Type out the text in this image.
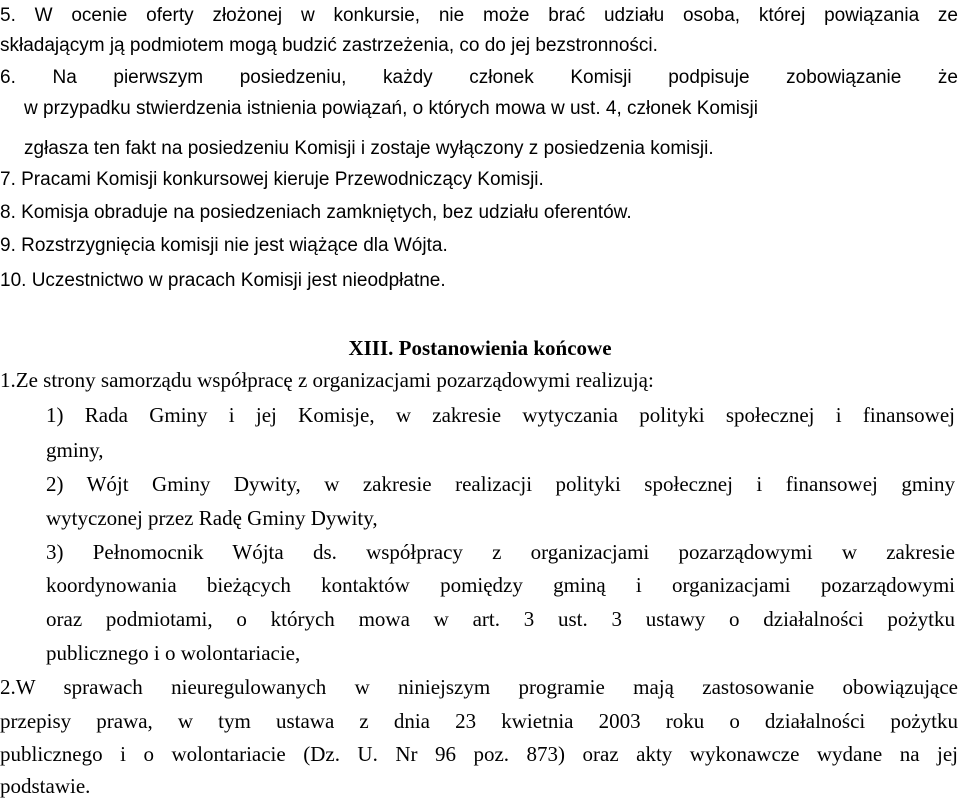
5. W ocenie oferty złożonej w konkursie, nie może brać udziału osoba, której powiązania ze
składającym ją podmiotem mogą budzić zastrzeżenia, co do jej bezstronności.
6. Na pierwszym posiedzeniu, każdy członek Komisji podpisuje zobowiązanie że
w przypadku stwierdzenia istnienia powiązań, o których mowa w ust. 4, członek Komisji
zgłasza ten fakt na posiedzeniu Komisji i zostaje wyłączony z posiedzenia komisji.
7. Pracami Komisji konkursowej kieruje Przewodniczący Komisji.
8. Komisja obraduje na posiedzeniach zamkniętych, bez udziału oferentów.
9. Rozstrzygnięcia komisji nie jest wiążące dla Wójta.
10. Uczestnictwo w pracach Komisji jest nieodpłatne.
XIII. Postanowienia końcowe
1.Ze strony samorządu współpracę z organizacjami pozarządowymi realizują:
1) Rada Gminy i jej Komisje, w zakresie wytyczania polityki społecznej i finansowej
gminy,
2) Wójt Gminy Dywity, w zakresie realizacji polityki społecznej i finansowej gminy
wytyczonej przez Radę Gminy Dywity,
3) Pełnomocnik Wójta ds. współpracy z organizacjami pozarządowymi w zakresie
koordynowania bieżących kontaktów pomiędzy gminą i organizacjami pozarządowymi
oraz podmiotami, o których mowa w art. 3 ust. 3 ustawy o działalności pożytku
publicznego i o wolontariacie,
2.W sprawach nieuregulowanych w niniejszym programie mają zastosowanie obowiązujące
przepisy prawa, w tym ustawa z dnia 23 kwietnia 2003 roku o działalności pożytku
publicznego i o wolontariacie (Dz. U. Nr 96 poz. 873) oraz akty wykonawcze wydane na jej
podstawie.
